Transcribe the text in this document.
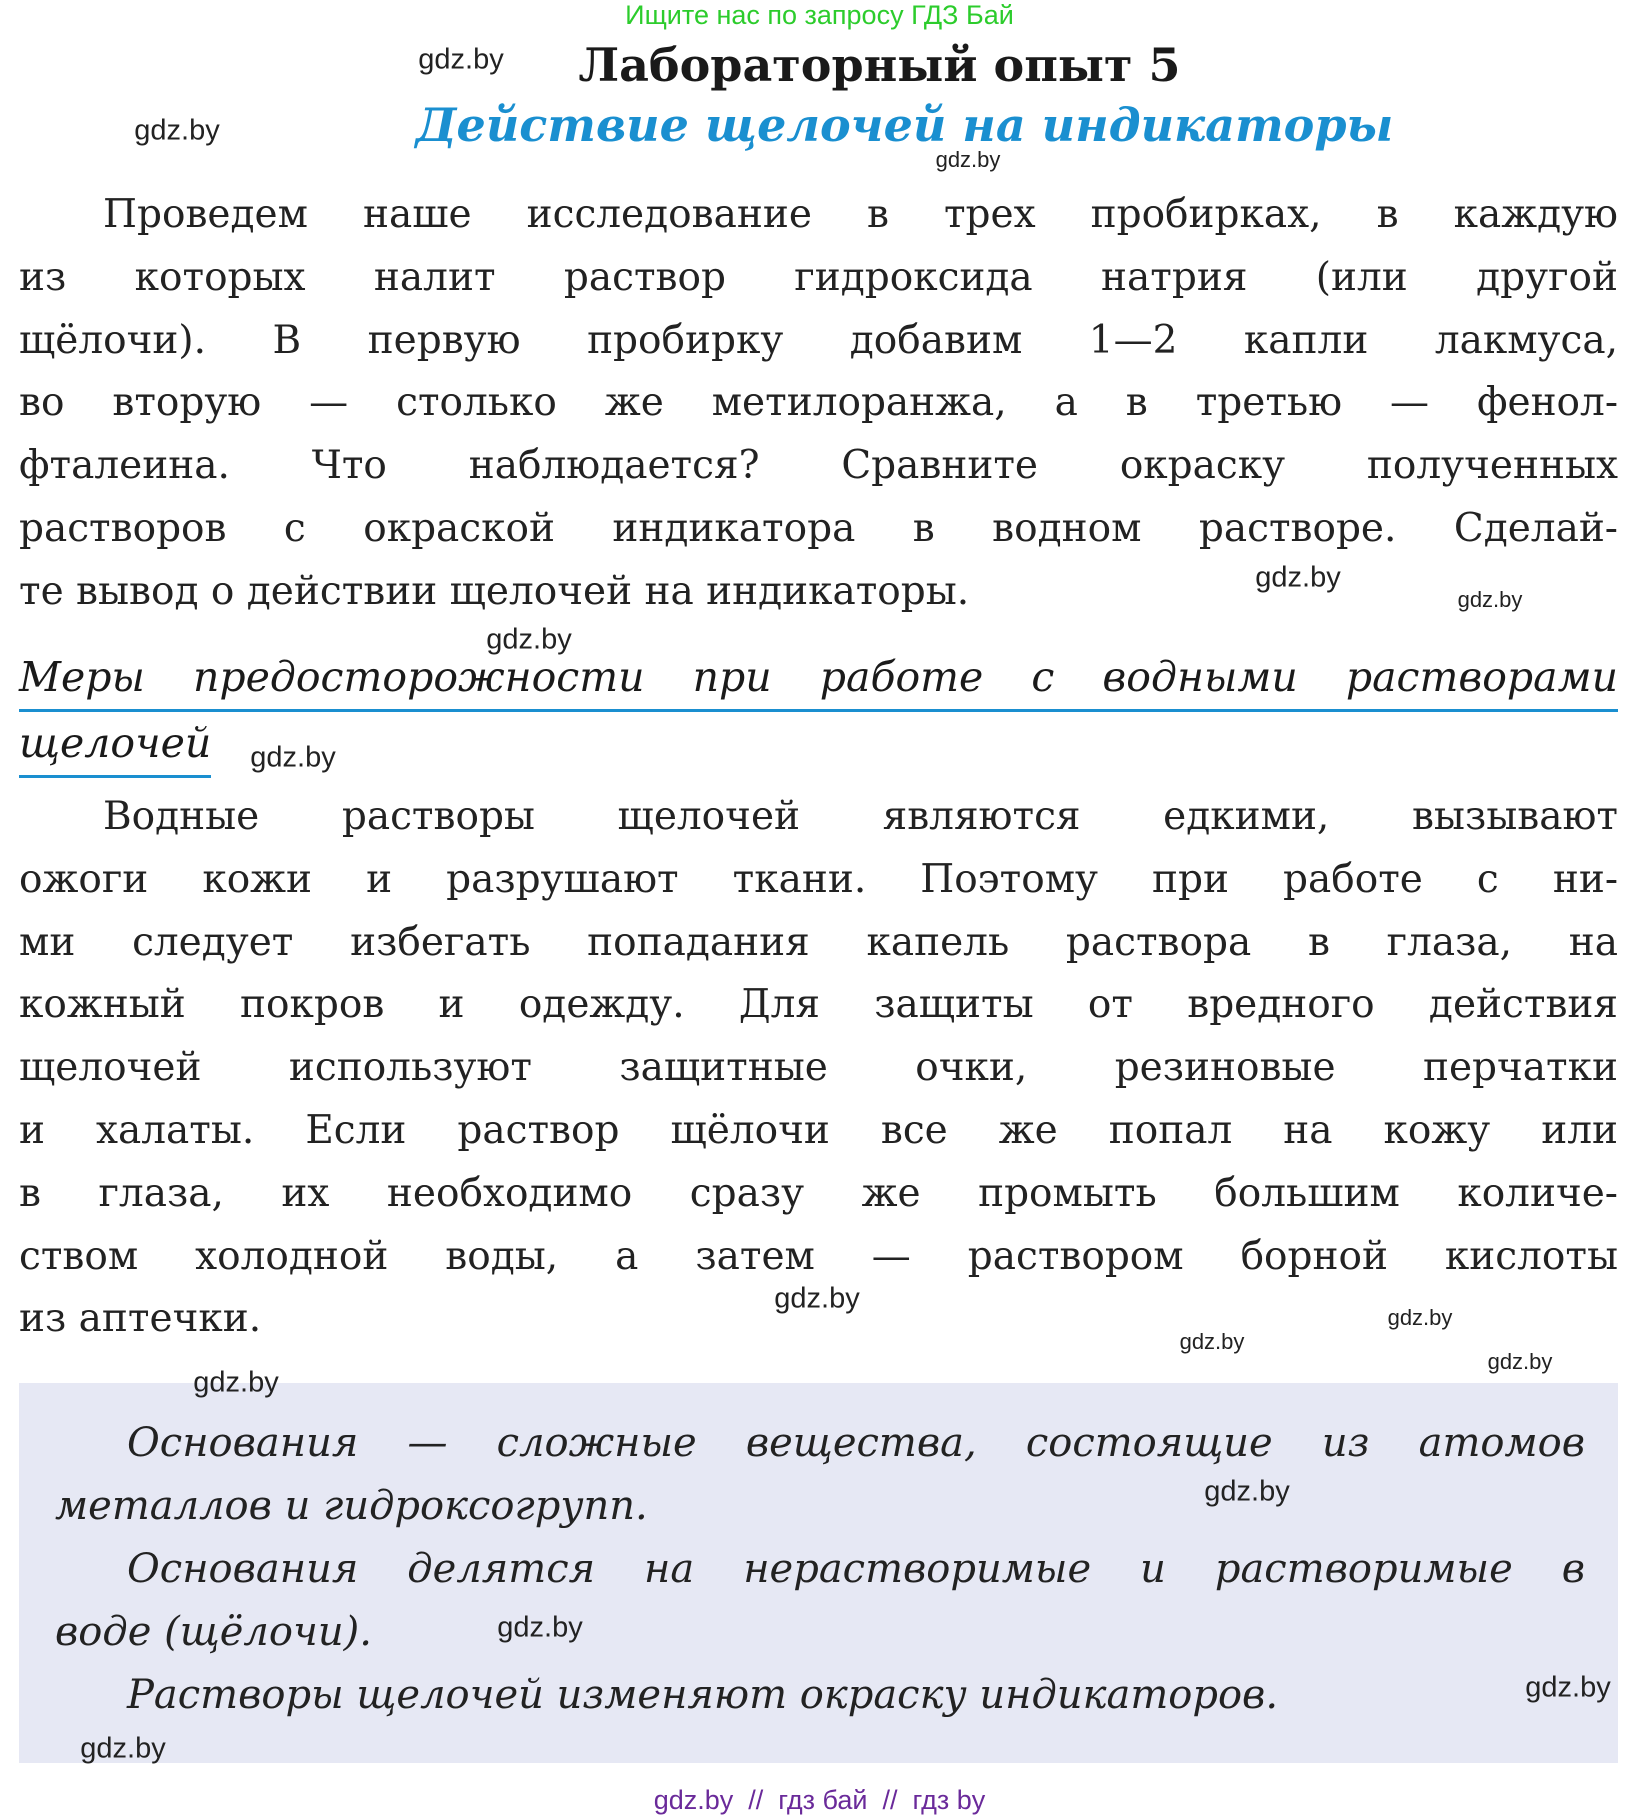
Ищите нас по запросу ГДЗ Бай
Лабораторный опыт 5
Действие щелочей на индикаторы
Проведем наше исследование в трех пробирках, в каждую
из которых налит раствор гидроксида натрия (или другой
щёлочи). В первую пробирку добавим 1—2 капли лакмуса,
во вторую — столько же метилоранжа, а в третью — фенол-
фталеина. Что наблюдается? Сравните окраску полученных
растворов с окраской индикатора в водном растворе. Сделай-
те вывод о действии щелочей на индикаторы.
Меры предосторожности при работе с водными растворами
щелочей
Водные растворы щелочей являются едкими, вызывают
ожоги кожи и разрушают ткани. Поэтому при работе с ни-
ми следует избегать попадания капель раствора в глаза, на
кожный покров и одежду. Для защиты от вредного действия
щелочей используют защитные очки, резиновые перчатки
и халаты. Если раствор щёлочи все же попал на кожу или
в глаза, их необходимо сразу же промыть большим количе-
ством холодной воды, а затем — раствором борной кислоты
из аптечки.
Основания — сложные вещества, состоящие из атомов
металлов и гидроксогрупп.
Основания делятся на нерастворимые и растворимые в
воде (щёлочи).
Растворы щелочей изменяют окраску индикаторов.
gdz.by
gdz.by
gdz.by
gdz.by
gdz.by
gdz.by
gdz.by
gdz.by
gdz.by
gdz.by
gdz.by
gdz.by
gdz.by
gdz.by
gdz.by
gdz.by
gdz.by  //  гдз бай  //  гдз by
